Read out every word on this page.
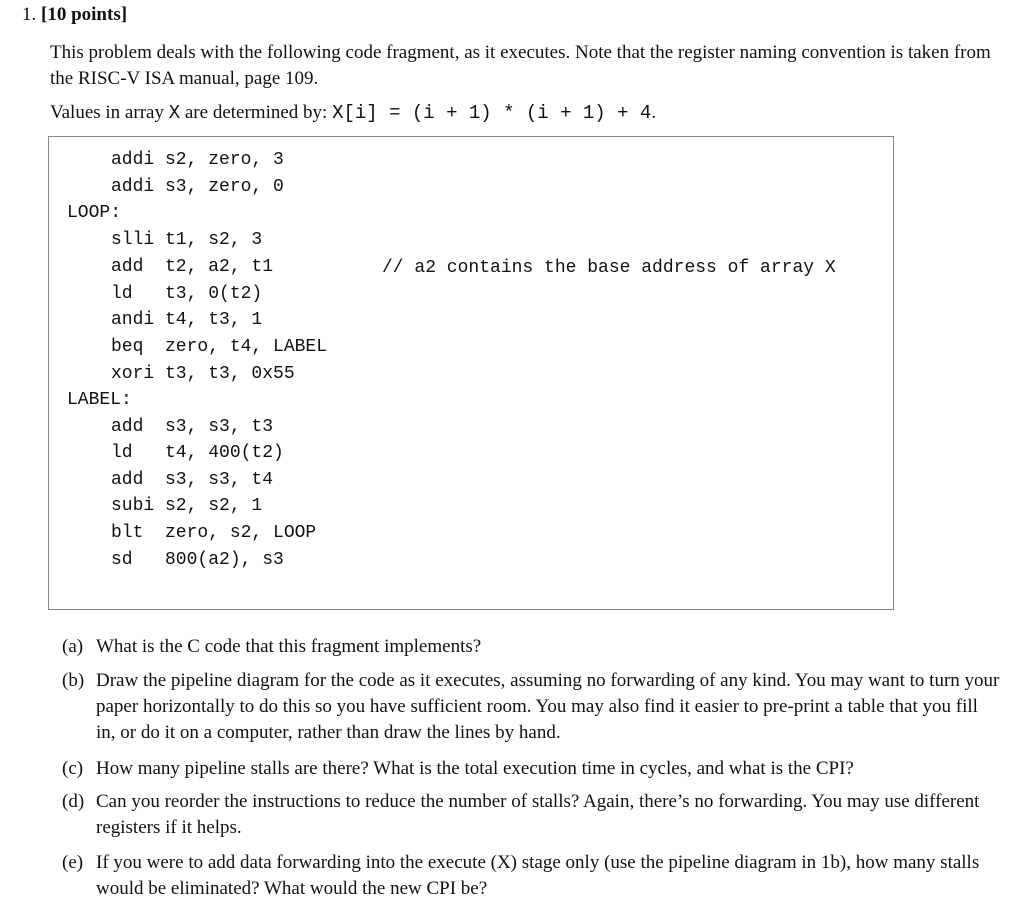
1. [10 points]
This problem deals with the following code fragment, as it executes. Note that the register naming convention is taken from the RISC-V ISA manual, page 109.
Values in array X are determined by: X[i] = (i + 1) * (i + 1) + 4.
addi s2, zero, 3
addi s3, zero, 0
LOOP:
slli t1, s2, 3
add  t2, a2, t1
ld   t3, 0(t2)
andi t4, t3, 1
beq  zero, t4, LABEL
xori t3, t3, 0x55
LABEL:
add  s3, s3, t3
ld   t4, 400(t2)
add  s3, s3, t4
subi s2, s2, 1
blt  zero, s2, LOOP
sd   800(a2), s3
// a2 contains the base address of array X
(a) What is the C code that this fragment implements?
(b) Draw the pipeline diagram for the code as it executes, assuming no forwarding of any kind. You may want to turn your paper horizontally to do this so you have sufficient room. You may also find it easier to pre-print a table that you fill in, or do it on a computer, rather than draw the lines by hand.
(c) How many pipeline stalls are there? What is the total execution time in cycles, and what is the CPI?
(d) Can you reorder the instructions to reduce the number of stalls? Again, there’s no forwarding. You may use different registers if it helps.
(e) If you were to add data forwarding into the execute (X) stage only (use the pipeline diagram in 1b), how many stalls would be eliminated? What would the new CPI be?
